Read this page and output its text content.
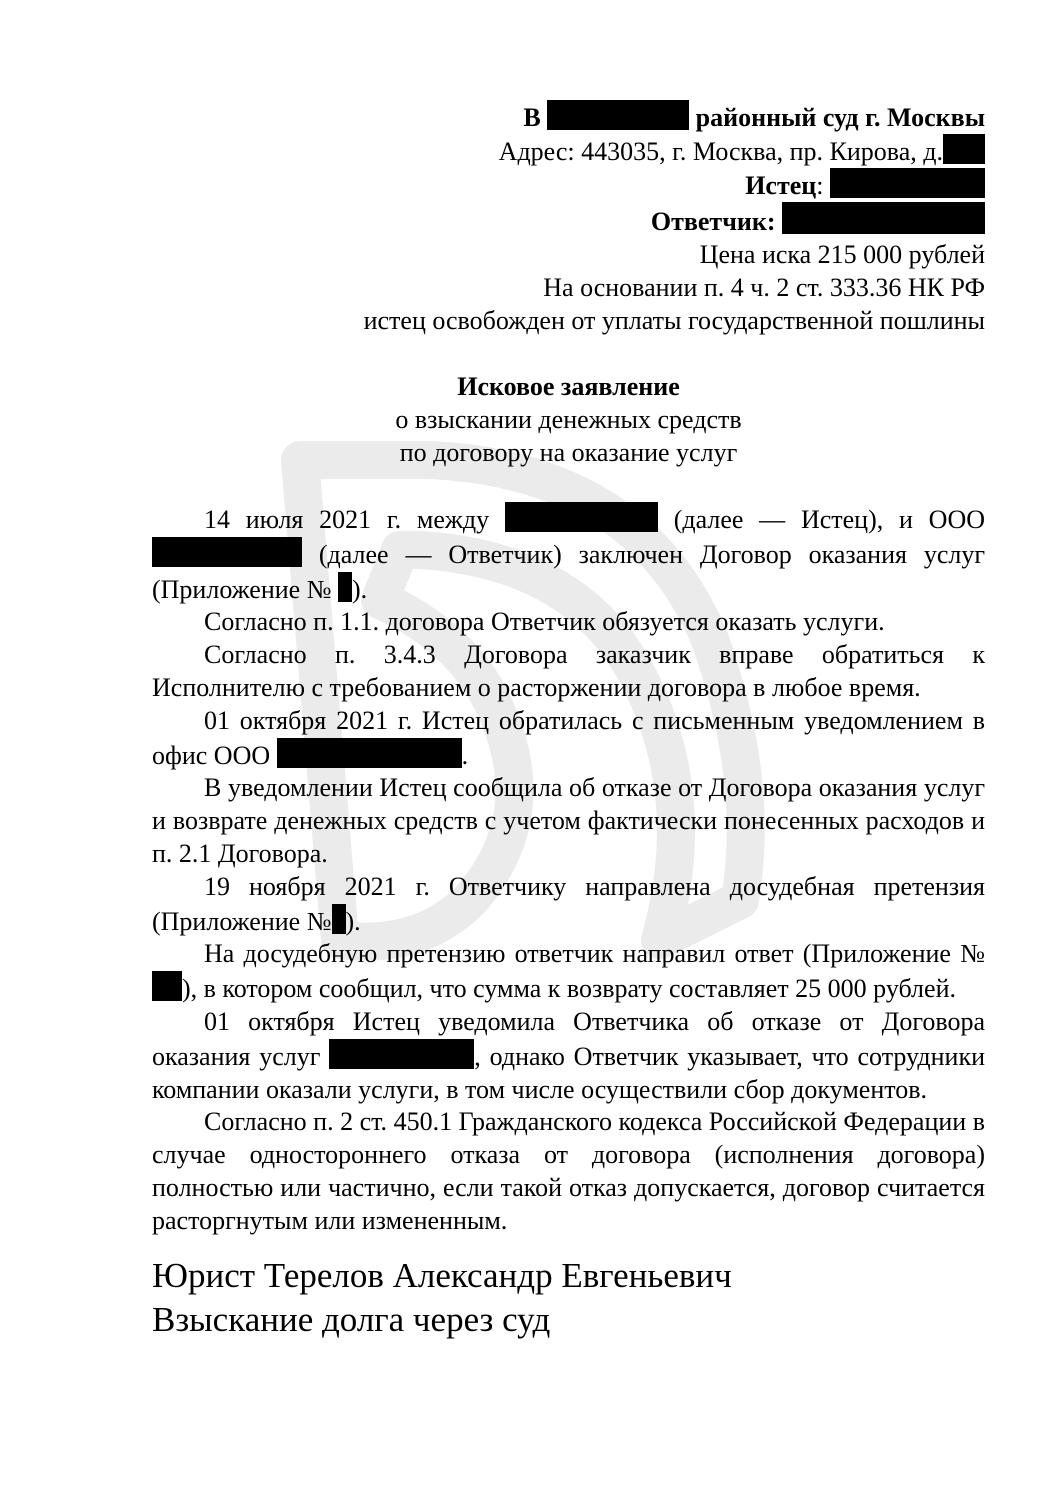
В	районный суд г. Москвы
Адрес: 443035, г. Москва, пр. Кирова, д.
Истец:
Ответчик:
Цена иска 215 000 рублей
На основании п. 4 ч. 2 ст. 333.36 НК РФ
истец освобожден от уплаты государственной пошлины
Исковое заявление
о взыскании денежных средств
по договору на оказание услуг

14 июля 2021 г. между	(далее — Истец), и ООО  (далее — Ответчик) заключен Договор оказания услуг (Приложение № ).

Согласно п. 1.1. договора Ответчик обязуется оказать услуги.

Согласно п. 3.4.3 Договора заказчик вправе обратиться к Исполнителю с требованием о расторжении договора в любое время.

01 октября 2021 г. Истец обратилась с письменным уведомлением в офис ООО	.

В уведомлении Истец сообщила об отказе от Договора оказания услуг и возврате денежных средств с учетом фактически понесенных расходов и п. 2.1 Договора.

19 ноября 2021 г. Ответчику направлена досудебная претензия (Приложение № ).

На досудебную претензию ответчик направил ответ (Приложение № ), в котором сообщил, что сумма к возврату составляет 25 000 рублей.

01 октября Истец уведомила Ответчика об отказе от Договора оказания услуг	, однако Ответчик указывает, что сотрудники компании оказали услуги, в том числе осуществили сбор документов.

Согласно п. 2 ст. 450.1 Гражданского кодекса Российской Федерации в случае одностороннего отказа от договора (исполнения договора) полностью или частично, если такой отказ допускается, договор считается расторгнутым или измененным.

Юрист Терелов Александр Евгеньевич
Взыскание долга через суд
